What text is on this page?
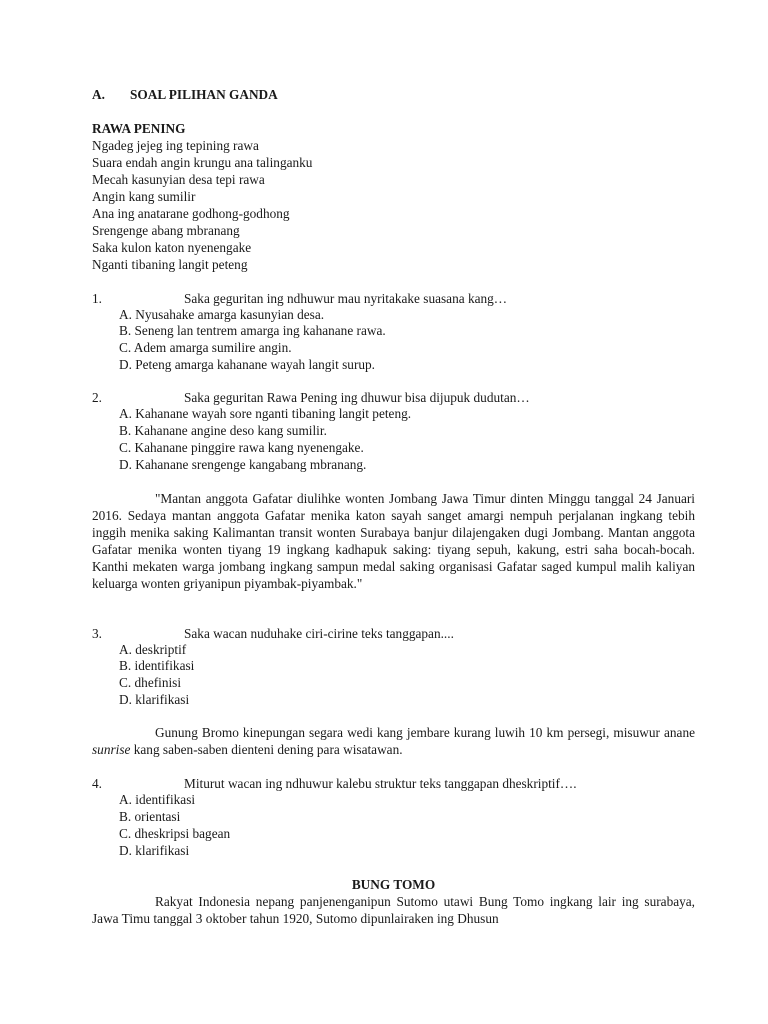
A. SOAL PILIHAN GANDA
RAWA PENING
Ngadeg jejeg ing tepining rawa
Suara endah angin krungu ana talinganku
Mecah kasunyian desa tepi rawa
Angin kang sumilir
Ana ing anatarane godhong-godhong
Srengenge abang mbranang
Saka kulon katon nyenengake
Nganti tibaning langit peteng
1.	Saka geguritan ing ndhuwur mau nyritakake suasana kang…
A. Nyusahake amarga kasunyian desa.
B. Seneng lan tentrem amarga ing kahanane rawa.
C. Adem amarga sumilire angin.
D. Peteng amarga kahanane wayah langit surup.
2.	Saka geguritan Rawa Pening ing dhuwur bisa dijupuk dudutan…
A. Kahanane wayah sore nganti tibaning langit peteng.
B. Kahanane angine deso kang sumilir.
C. Kahanane pinggire rawa kang nyenengake.
D. Kahanane srengenge kangabang mbranang.
"Mantan anggota Gafatar diulihke wonten Jombang Jawa Timur dinten Minggu tanggal 24 Januari 2016. Sedaya mantan anggota Gafatar menika katon sayah sanget amargi nempuh perjalanan ingkang tebih inggih menika saking Kalimantan transit wonten Surabaya banjur dilajengaken dugi Jombang. Mantan anggota Gafatar menika wonten tiyang 19 ingkang kadhapuk saking: tiyang sepuh, kakung, estri saha bocah-bocah. Kanthi mekaten warga jombang ingkang sampun medal saking organisasi Gafatar saged kumpul malih kaliyan keluarga wonten griyanipun piyambak-piyambak."
3.	Saka wacan nuduhake ciri-cirine teks tanggapan....
A. deskriptif
B. identifikasi
C. dhefinisi
D. klarifikasi
Gunung Bromo kinepungan segara wedi kang jembare kurang luwih 10 km persegi, misuwur anane sunrise kang saben-saben dienteni dening para wisatawan.
4.	Miturut wacan ing ndhuwur kalebu struktur teks tanggapan dheskriptif….
A. identifikasi
B. orientasi
C. dheskripsi bagean
D. klarifikasi
BUNG TOMO
Rakyat Indonesia nepang panjenenganipun Sutomo utawi Bung Tomo ingkang lair ing surabaya, Jawa Timu tanggal 3 oktober tahun 1920, Sutomo dipunlairaken ing Dhusun
